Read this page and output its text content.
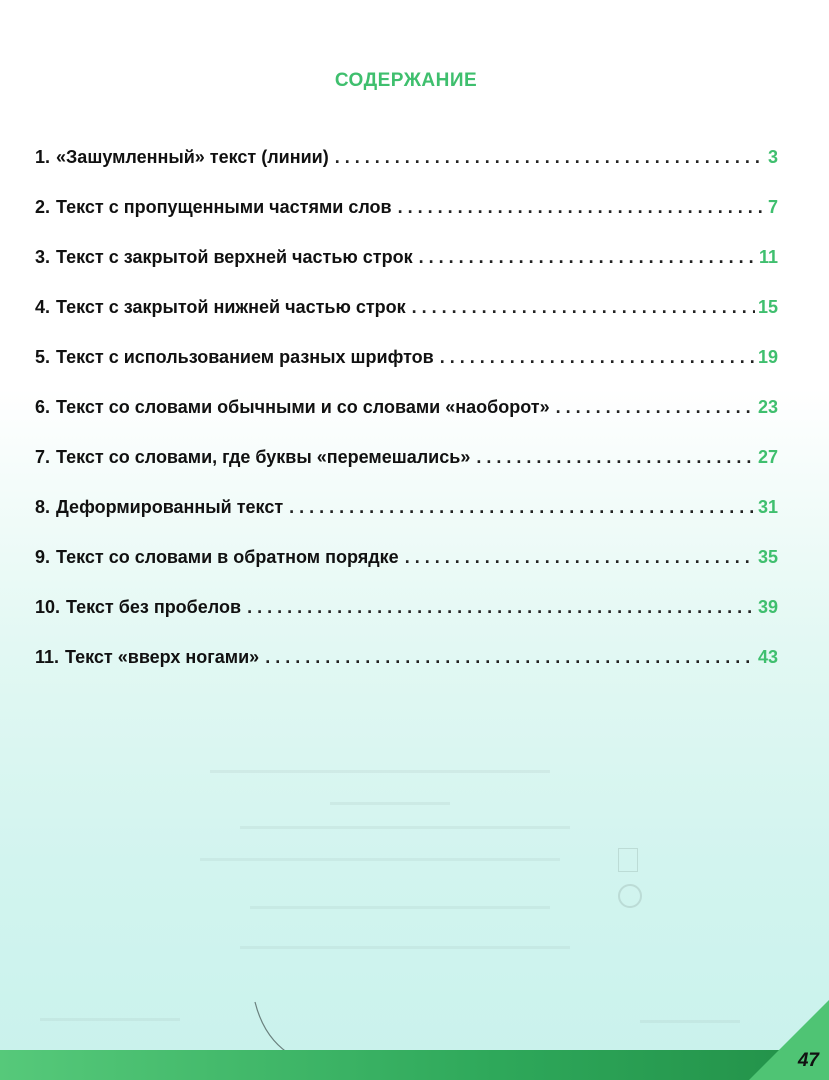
СОДЕРЖАНИЕ
1. «Зашумленный» текст (линии) . . .	3
2. Текст с пропущенными частями слов . . .	7
3. Текст с закрытой верхней частью строк . . .	11
4. Текст с закрытой нижней частью строк . . .	15
5. Текст с использованием разных шрифтов . . .	19
6. Текст со словами обычными и со словами «наоборот» . . .	23
7. Текст со словами, где буквы «перемешались» . . .	27
8. Деформированный текст . . .	31
9. Текст со словами в обратном порядке . . .	35
10. Текст без пробелов . . .	39
11. Текст «вверх ногами» . . .	43
47
